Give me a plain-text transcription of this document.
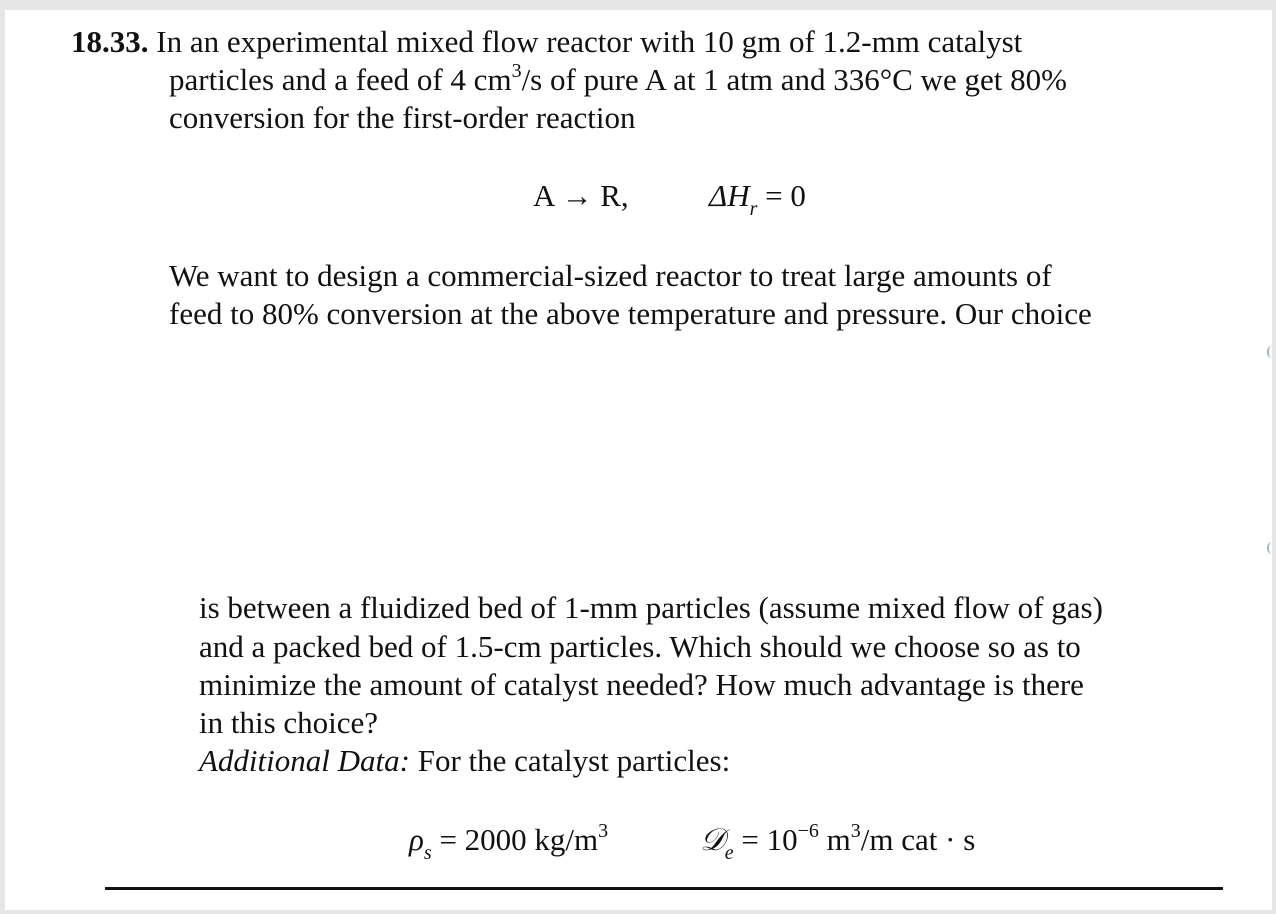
18.33. In an experimental mixed flow reactor with 10 gm of 1.2-mm catalyst
particles and a feed of 4 $cm^3/s$ of pure A at 1 atm and 336°C we get 80%
conversion for the first-order reaction
A → R,	$\Delta H_r = 0$
We want to design a commercial-sized reactor to treat large amounts of
feed to 80% conversion at the above temperature and pressure. Our choice
is between a fluidized bed of 1-mm particles (assume mixed flow of gas)
and a packed bed of 1.5-cm particles. Which should we choose so as to
minimize the amount of catalyst needed? How much advantage is there
in this choice?
Additional Data: For the catalyst particles:
$\rho_s = 2000$ $kg/m^3$	𝒟$_e$ = $10^{-6}$ $m^3/m$ cat · s
